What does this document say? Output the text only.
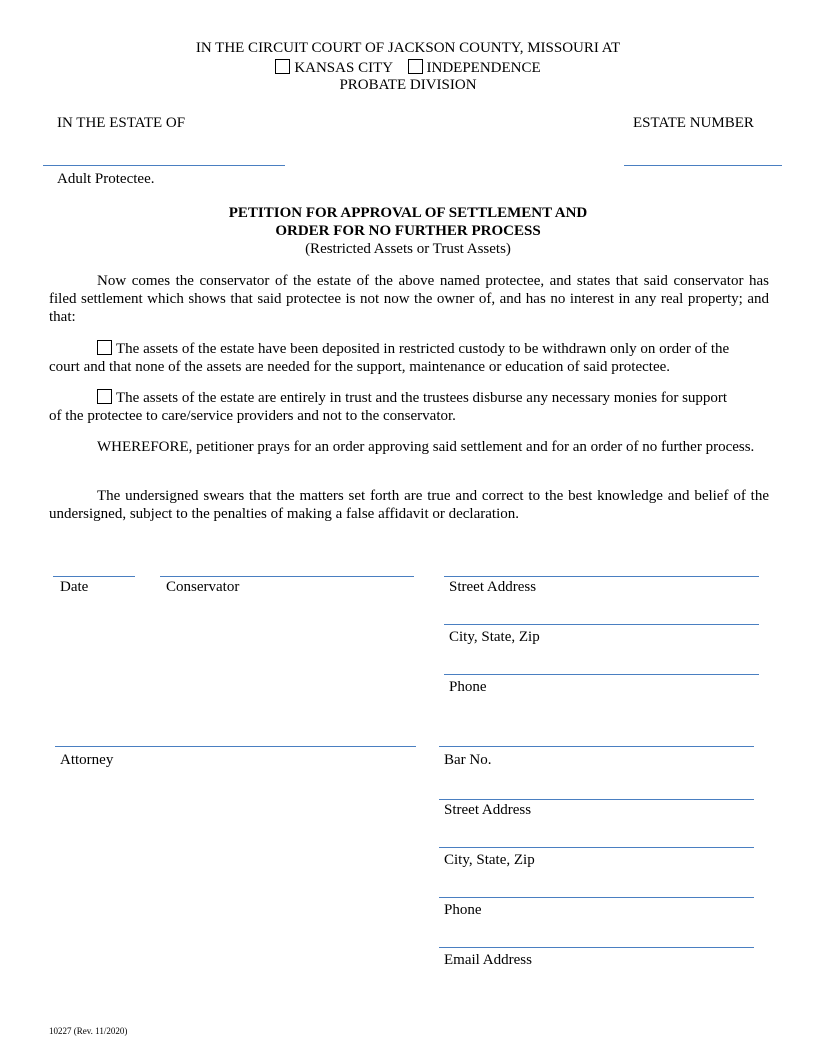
IN THE CIRCUIT COURT OF JACKSON COUNTY, MISSOURI AT
KANSAS CITY INDEPENDENCE
PROBATE DIVISION
IN THE ESTATE OF	ESTATE NUMBER
Adult Protectee.
PETITION FOR APPROVAL OF SETTLEMENT AND
ORDER FOR NO FURTHER PROCESS
(Restricted Assets or Trust Assets)
Now comes the conservator of the estate of the above named protectee, and states that said conservator has filed settlement which shows that said protectee is not now the owner of, and has no interest in any real property; and that:
The assets of the estate have been deposited in restricted custody to be withdrawn only on order of the
court and that none of the assets are needed for the support, maintenance or education of said protectee.
The assets of the estate are entirely in trust and the trustees disburse any necessary monies for support
of the protectee to care/service providers and not to the conservator.
WHEREFORE, petitioner prays for an order approving said settlement and for an order of no further process.
The undersigned swears that the matters set forth are true and correct to the best knowledge and belief of the undersigned, subject to the penalties of making a false affidavit or declaration.
Date	Conservator	Street Address
City, State, Zip
Phone
Attorney	Bar No.
Street Address
City, State, Zip
Phone
Email Address
10227 (Rev. 11/2020)
